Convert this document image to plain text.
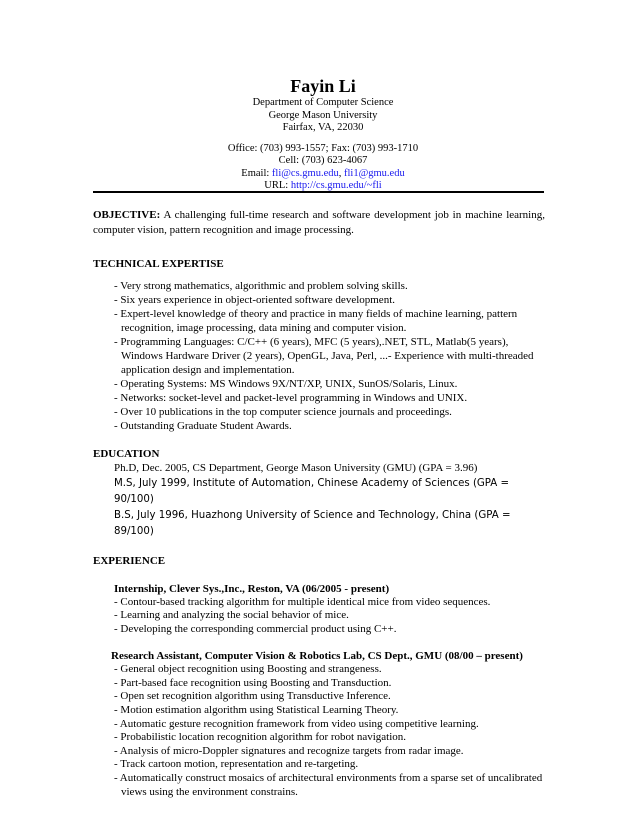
Fayin Li
Department of Computer Science
George Mason University
Fairfax, VA, 22030
Office: (703) 993-1557; Fax: (703) 993-1710
Cell: (703) 623-4067
Email: fli@cs.gmu.edu, fli1@gmu.edu
URL: http://cs.gmu.edu/~fli

OBJECTIVE: A challenging full-time research and software development job in machine learning, computer vision, pattern recognition and image processing.

TECHNICAL EXPERTISE
- Very strong mathematics, algorithmic and problem solving skills.
- Six years experience in object-oriented software development.
- Expert-level knowledge of theory and practice in many fields of machine learning, pattern recognition, image processing, data mining and computer vision.
- Programming Languages: C/C++ (6 years), MFC (5 years),.NET, STL, Matlab(5 years), Windows Hardware Driver (2 years), OpenGL, Java, Perl, ...- Experience with multi-threaded application design and implementation.
- Operating Systems: MS Windows 9X/NT/XP, UNIX, SunOS/Solaris, Linux.
- Networks: socket-level and packet-level programming in Windows and UNIX.
- Over 10 publications in the top computer science journals and proceedings.
- Outstanding Graduate Student Awards.
EDUCATION
Ph.D, Dec. 2005, CS Department, George Mason University (GMU) (GPA = 3.96)
M.S, July 1999, Institute of Automation, Chinese Academy of Sciences (GPA = 90/100)
B.S, July 1996, Huazhong University of Science and Technology, China (GPA = 89/100)
EXPERIENCE
Internship, Clever Sys.,Inc., Reston, VA (06/2005 - present)
- Contour-based tracking algorithm for multiple identical mice from video sequences.
- Learning and analyzing the social behavior of mice.
- Developing the corresponding commercial product using C++.
Research Assistant, Computer Vision & Robotics Lab, CS Dept., GMU (08/00 – present)
- General object recognition using Boosting and strangeness.
- Part-based face recognition using Boosting and Transduction.
- Open set recognition algorithm using Transductive Inference.
- Motion estimation algorithm using Statistical Learning Theory.
- Automatic gesture recognition framework from video using competitive learning.
- Probabilistic location recognition algorithm for robot navigation.
- Analysis of micro-Doppler signatures and recognize targets from radar image.
- Track cartoon motion, representation and re-targeting.
- Automatically construct mosaics of architectural environments from a sparse set of uncalibrated views using the environment constrains.
